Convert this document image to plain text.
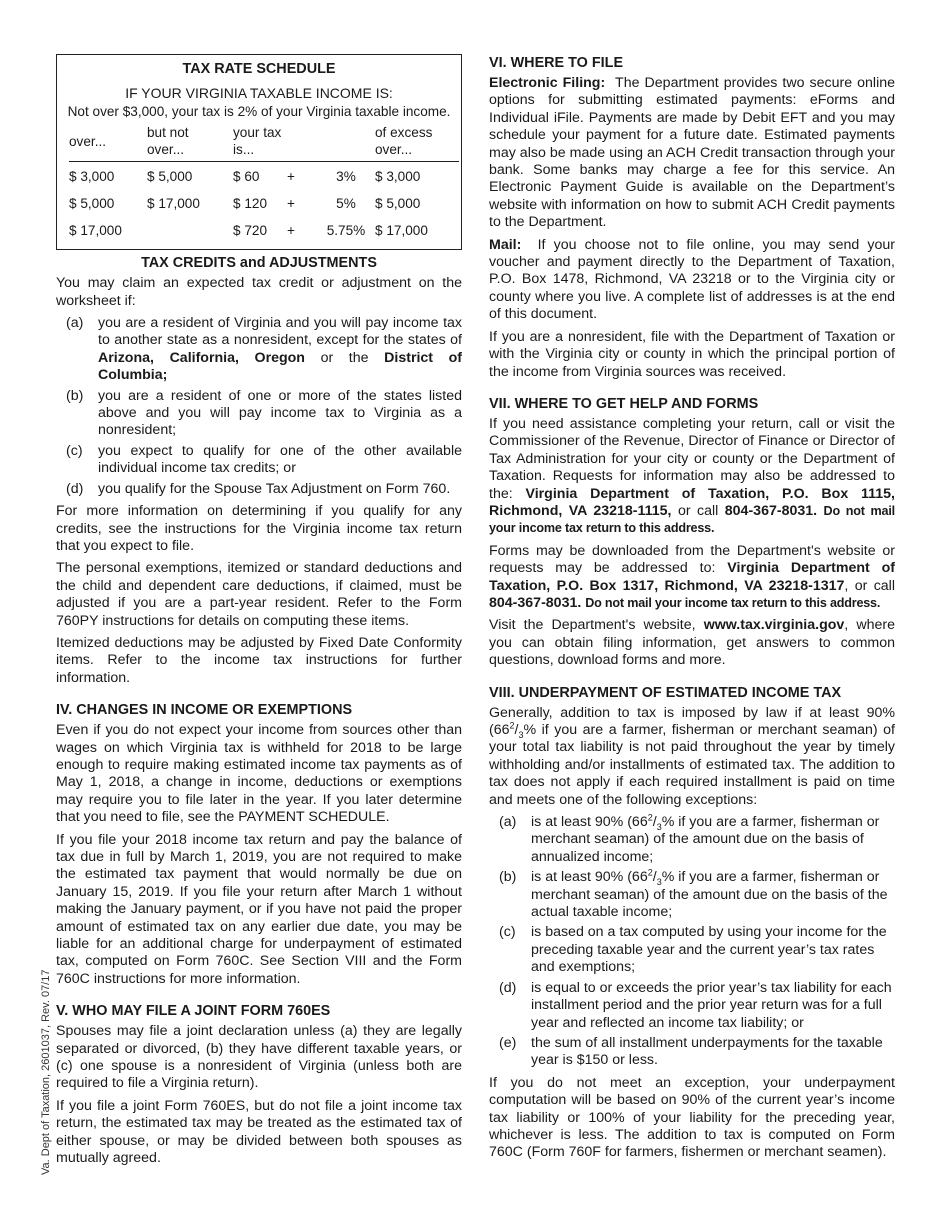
Va. Dept of Taxation, 2601037, Rev. 07/17
TAX RATE SCHEDULE
IF YOUR VIRGINIA TAXABLE INCOME IS:
Not over $3,000, your tax is 2% of your Virginia taxable income.
over...	but not over...	your tax is...			of excess over...
$ 3,000	$ 5,000	$ 60	+	3%	$ 3,000
$ 5,000	$ 17,000	$ 120	+	5%	$ 5,000
$ 17,000		$ 720	+	5.75%	$ 17,000
TAX CREDITS and ADJUSTMENTS

You may claim an expected tax credit or adjustment on the worksheet if:

(a)	you are a resident of Virginia and you will pay income tax to another state as a nonresident, except for the states of Arizona, California, Oregon or the District of Columbia;
(b)	you are a resident of one or more of the states listed above and you will pay income tax to Virginia as a nonresident;
(c)	you expect to qualify for one of the other available individual income tax credits; or
(d)	you qualify for the Spouse Tax Adjustment on Form 760.

For more information on determining if you qualify for any credits, see the instructions for the Virginia income tax return that you expect to file.

The personal exemptions, itemized or standard deductions and the child and dependent care deductions, if claimed, must be adjusted if you are a part-year resident. Refer to the Form 760PY instructions for details on computing these items.

Itemized deductions may be adjusted by Fixed Date Conformity items. Refer to the income tax instructions for further information.

IV. CHANGES IN INCOME OR EXEMPTIONS

Even if you do not expect your income from sources other than wages on which Virginia tax is withheld for 2018 to be large enough to require making estimated income tax payments as of May 1, 2018, a change in income, deductions or exemptions may require you to file later in the year. If you later determine that you need to file, see the PAYMENT SCHEDULE.

If you file your 2018 income tax return and pay the balance of tax due in full by March 1, 2019, you are not required to make the estimated tax payment that would normally be due on January 15, 2019. If you file your return after March 1 without making the January payment, or if you have not paid the proper amount of estimated tax on any earlier due date, you may be liable for an additional charge for underpayment of estimated tax, computed on Form 760C. See Section VIII and the Form 760C instructions for more information.

V. WHO MAY FILE A JOINT FORM 760ES

Spouses may file a joint declaration unless (a) they are legally separated or divorced, (b) they have different taxable years, or (c) one spouse is a nonresident of Virginia (unless both are required to file a Virginia return).

If you file a joint Form 760ES, but do not file a joint income tax return, the estimated tax may be treated as the estimated tax of either spouse, or may be divided between both spouses as mutually agreed.

VI. WHERE TO FILE

Electronic Filing: The Department provides two secure online options for submitting estimated payments: eForms and Individual iFile. Payments are made by Debit EFT and you may schedule your payment for a future date. Estimated payments may also be made using an ACH Credit transaction through your bank. Some banks may charge a fee for this service. An Electronic Payment Guide is available on the Department’s website with information on how to submit ACH Credit payments to the Department.

Mail: If you choose not to file online, you may send your voucher and payment directly to the Department of Taxation, P.O. Box 1478, Richmond, VA 23218 or to the Virginia city or county where you live. A complete list of addresses is at the end of this document.

If you are a nonresident, file with the Department of Taxation or with the Virginia city or county in which the principal portion of the income from Virginia sources was received.

VII. WHERE TO GET HELP AND FORMS

If you need assistance completing your return, call or visit the Commissioner of the Revenue, Director of Finance or Director of Tax Administration for your city or county or the Department of Taxation. Requests for information may also be addressed to the: Virginia Department of Taxation, P.O. Box 1115, Richmond, VA 23218-1115, or call 804-367-8031. Do not mail your income tax return to this address.

Forms may be downloaded from the Department's website or requests may be addressed to: Virginia Department of Taxation, P.O. Box 1317, Richmond, VA 23218-1317, or call 804-367-8031. Do not mail your income tax return to this address.

Visit the Department's website, www.tax.virginia.gov, where you can obtain filing information, get answers to common questions, download forms and more.

VIII. UNDERPAYMENT OF ESTIMATED INCOME TAX

Generally, addition to tax is imposed by law if at least 90% ($66^2/_3\%$ if you are a farmer, fisherman or merchant seaman) of your total tax liability is not paid throughout the year by timely withholding and/or installments of estimated tax. The addition to tax does not apply if each required installment is paid on time and meets one of the following exceptions:

(a)	is at least 90% ($66^2/_3\%$ if you are a farmer, fisherman or merchant seaman) of the amount due on the basis of annualized income;
(b)	is at least 90% ($66^2/_3\%$ if you are a farmer, fisherman or merchant seaman) of the amount due on the basis of the actual taxable income;
(c)	is based on a tax computed by using your income for the preceding taxable year and the current year’s tax rates and exemptions;
(d)	is equal to or exceeds the prior year’s tax liability for each installment period and the prior year return was for a full year and reflected an income tax liability; or
(e)	the sum of all installment underpayments for the taxable year is $150 or less.

If you do not meet an exception, your underpayment computation will be based on 90% of the current year’s income tax liability or 100% of your liability for the preceding year, whichever is less. The addition to tax is computed on Form 760C (Form 760F for farmers, fishermen or merchant seamen).
